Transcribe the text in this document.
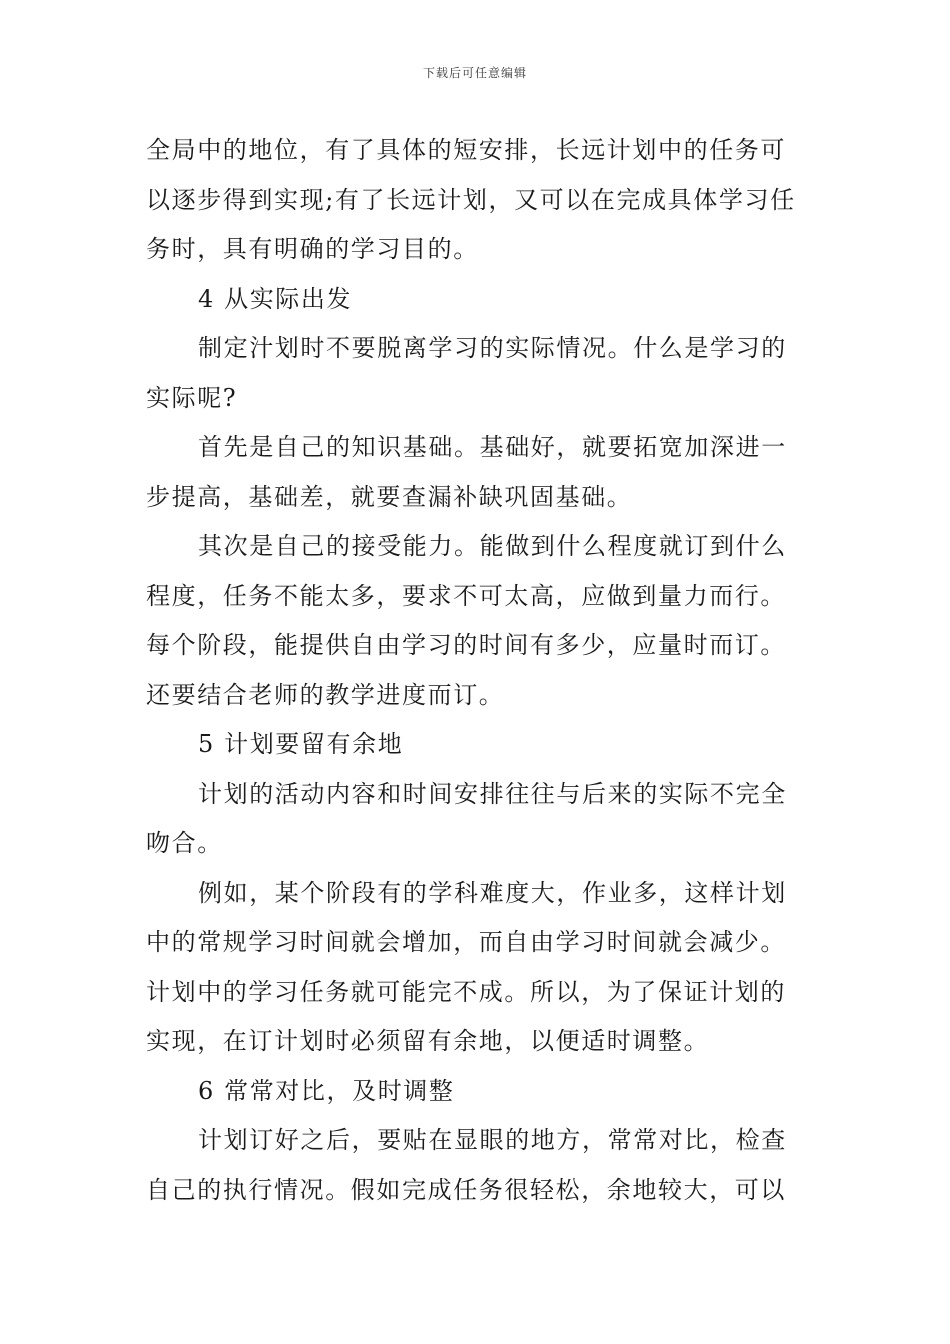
下载后可任意编辑

全局中的地位，有了具体的短安排，长远计划中的任务可以逐步得到实现;有了长远计划，又可以在完成具体学习任务时，具有明确的学习目的。

4 从实际出发

制定汁划时不要脱离学习的实际情况。什么是学习的实际呢?

首先是自己的知识基础。基础好，就要拓宽加深进一步提高，基础差，就要查漏补缺巩固基础。

其次是自己的接受能力。能做到什么程度就订到什么程度，任务不能太多，要求不可太高，应做到量力而行。每个阶段，能提供自由学习的时间有多少，应量时而订。还要结合老师的教学进度而订。

5 计划要留有余地

计划的活动内容和时间安排往往与后来的实际不完全吻合。

例如，某个阶段有的学科难度大，作业多，这样计划中的常规学习时间就会增加，而自由学习时间就会减少。计划中的学习任务就可能完不成。所以，为了保证计划的实现，在订计划时必须留有余地，以便适时调整。

6 常常对比，及时调整

计划订好之后，要贴在显眼的地方，常常对比，检查自己的执行情况。假如完成任务很轻松，余地较大，可以
